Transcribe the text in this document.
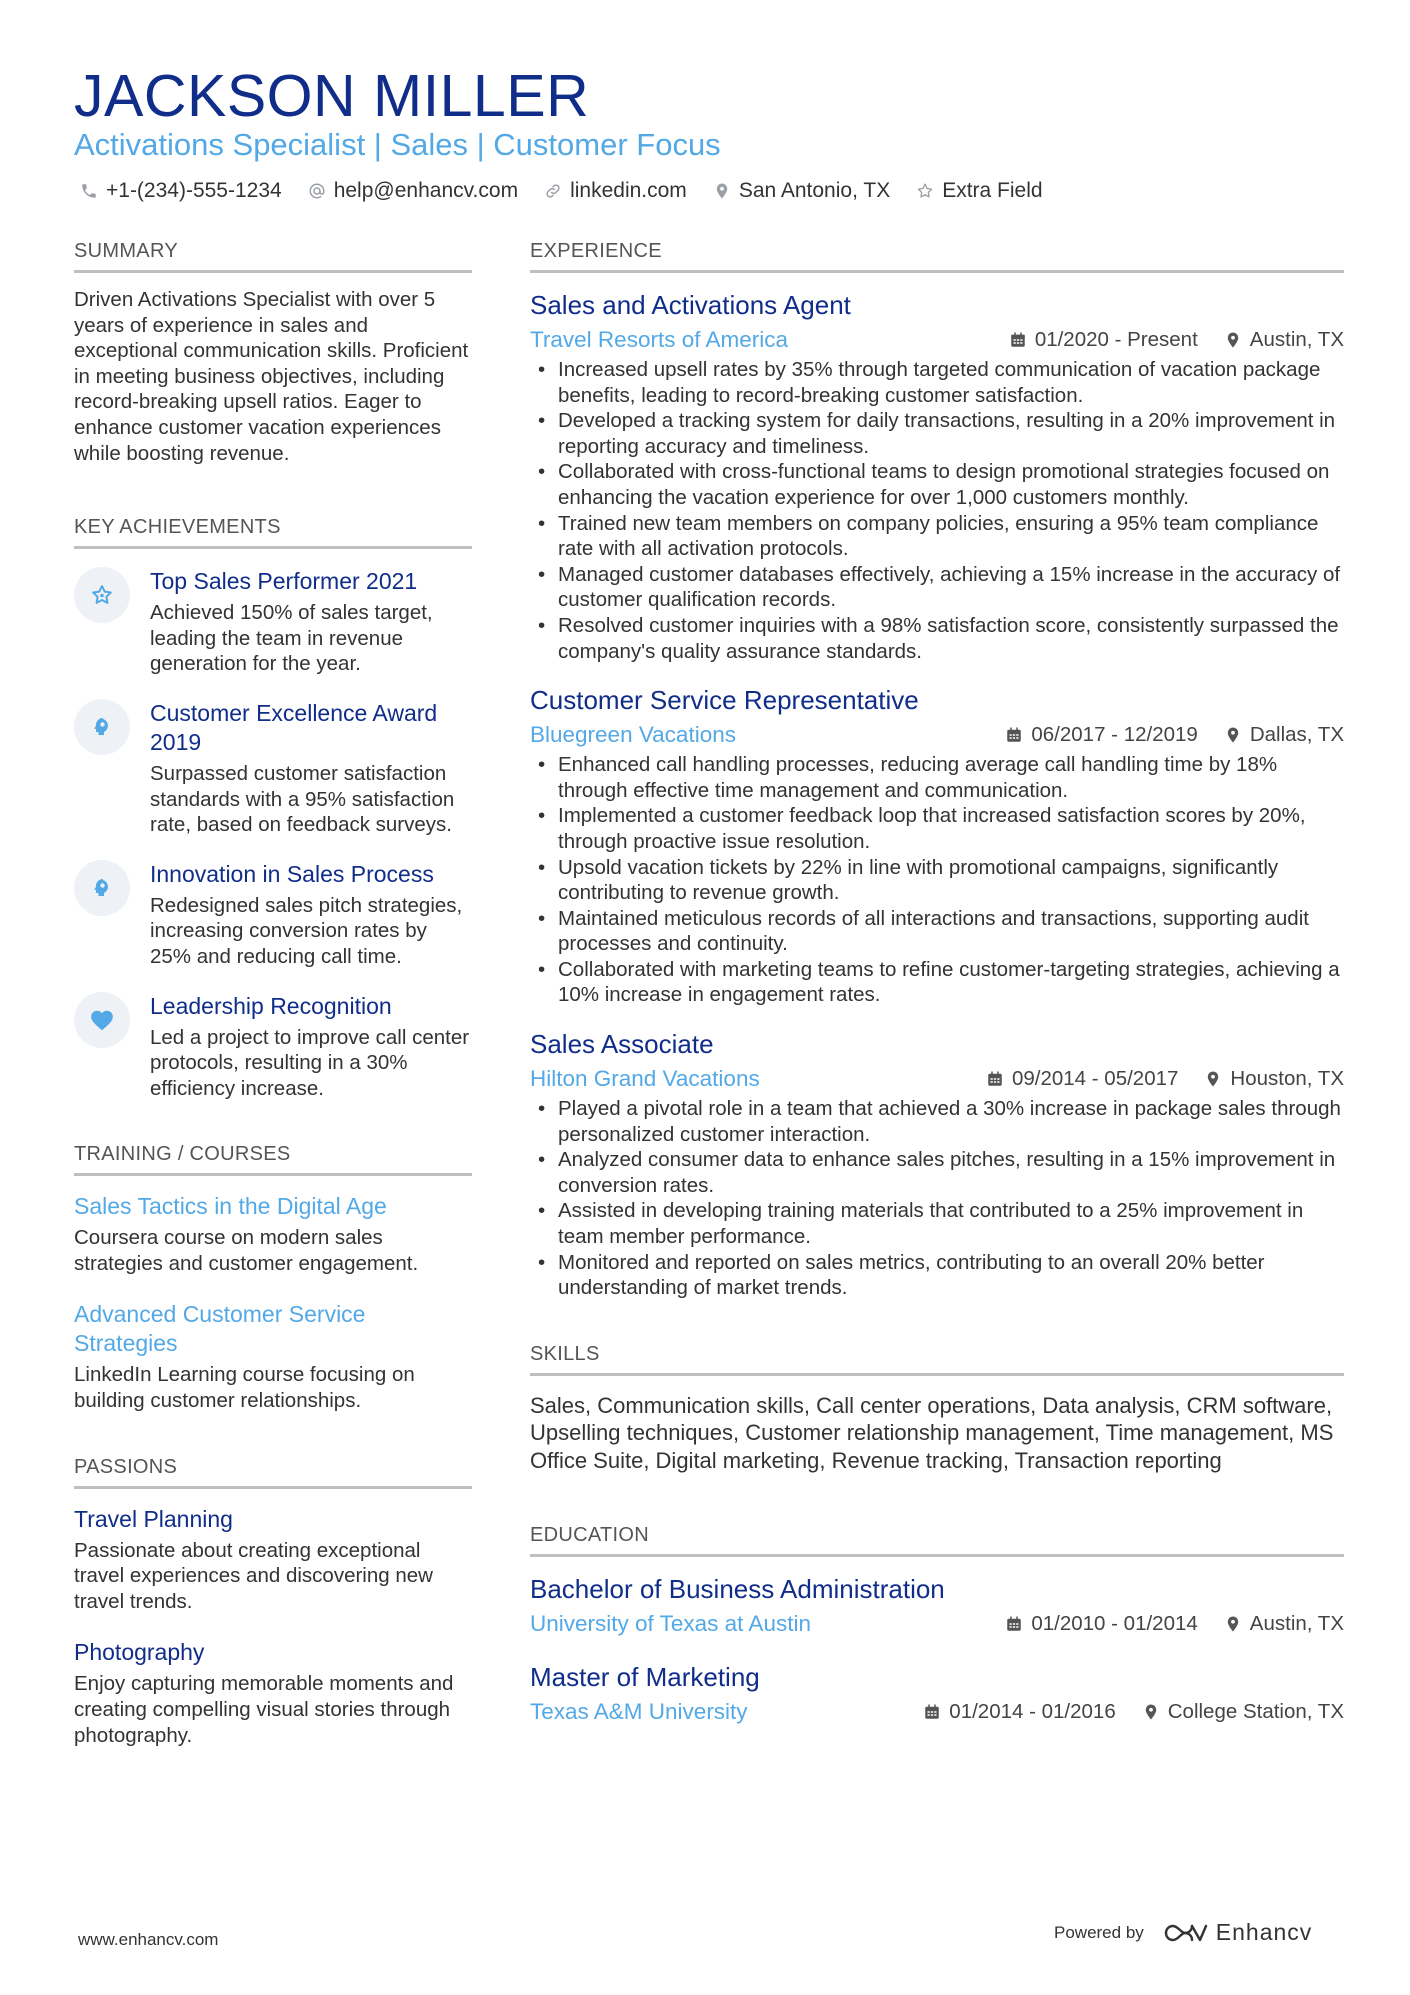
JACKSON MILLER
Activations Specialist | Sales | Customer Focus
+1-(234)-555-1234 help@enhancv.com linkedin.com San Antonio, TX Extra Field
SUMMARY

Driven Activations Specialist with over 5 years of experience in sales and exceptional communication skills. Proficient in meeting business objectives, including record-breaking upsell ratios. Eager to enhance customer vacation experiences while boosting revenue.

KEY ACHIEVEMENTS
Top Sales Performer 2021
Achieved 150% of sales target, leading the team in revenue generation for the year.
Customer Excellence Award 2019
Surpassed customer satisfaction standards with a 95% satisfaction rate, based on feedback surveys.
Innovation in Sales Process
Redesigned sales pitch strategies, increasing conversion rates by 25% and reducing call time.
Leadership Recognition
Led a project to improve call center protocols, resulting in a 30% efficiency increase.
TRAINING / COURSES
Sales Tactics in the Digital Age
Coursera course on modern sales strategies and customer engagement.
Advanced Customer Service Strategies
LinkedIn Learning course focusing on building customer relationships.
PASSIONS
Travel Planning
Passionate about creating exceptional travel experiences and discovering new travel trends.
Photography
Enjoy capturing memorable moments and creating compelling visual stories through photography.
EXPERIENCE
Sales and Activations Agent
Travel Resorts of America	01/2020 - Present	Austin, TX
• Increased upsell rates by 35% through targeted communication of vacation package benefits, leading to record-breaking customer satisfaction.
• Developed a tracking system for daily transactions, resulting in a 20% improvement in reporting accuracy and timeliness.
• Collaborated with cross-functional teams to design promotional strategies focused on enhancing the vacation experience for over 1,000 customers monthly.
• Trained new team members on company policies, ensuring a 95% team compliance rate with all activation protocols.
• Managed customer databases effectively, achieving a 15% increase in the accuracy of customer qualification records.
• Resolved customer inquiries with a 98% satisfaction score, consistently surpassed the company's quality assurance standards.
Customer Service Representative
Bluegreen Vacations	06/2017 - 12/2019	Dallas, TX
• Enhanced call handling processes, reducing average call handling time by 18% through effective time management and communication.
• Implemented a customer feedback loop that increased satisfaction scores by 20%, through proactive issue resolution.
• Upsold vacation tickets by 22% in line with promotional campaigns, significantly contributing to revenue growth.
• Maintained meticulous records of all interactions and transactions, supporting audit processes and continuity.
• Collaborated with marketing teams to refine customer-targeting strategies, achieving a 10% increase in engagement rates.
Sales Associate
Hilton Grand Vacations	09/2014 - 05/2017	Houston, TX
• Played a pivotal role in a team that achieved a 30% increase in package sales through personalized customer interaction.
• Analyzed consumer data to enhance sales pitches, resulting in a 15% improvement in conversion rates.
• Assisted in developing training materials that contributed to a 25% improvement in team member performance.
• Monitored and reported on sales metrics, contributing to an overall 20% better understanding of market trends.
SKILLS

Sales, Communication skills, Call center operations, Data analysis, CRM software, Upselling techniques, Customer relationship management, Time management, MS Office Suite, Digital marketing, Revenue tracking, Transaction reporting

EDUCATION
Bachelor of Business Administration
University of Texas at Austin	01/2010 - 01/2014	Austin, TX
Master of Marketing
Texas A&M University	01/2014 - 01/2016	College Station, TX
www.enhancv.com	Powered by	Enhancv
